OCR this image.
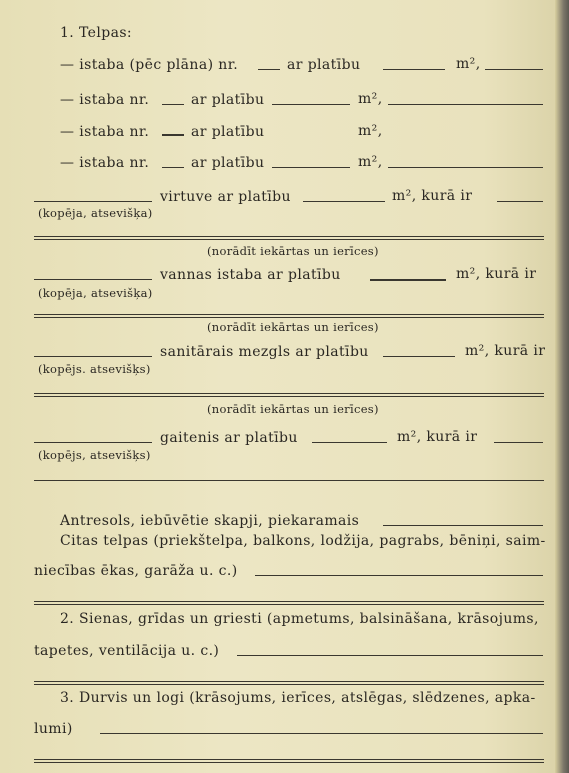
1. Telpas:
— istaba (pēc plāna) nr.	ar platību	m²,
— istaba nr.	ar platību	m²,
— istaba nr.	ar platību	m²,
— istaba nr.	ar platību	m²,
virtuve ar platību	m², kurā ir
(kopēja, atsevišķa)
(norādīt iekārtas un ierīces)
vannas istaba ar platību	m², kurā ir
(kopēja, atsevišķa)
(norādīt iekārtas un ierīces)
sanitārais mezgls ar platību	m², kurā ir
(kopējs. atsevišķs)
(norādīt iekārtas un ierīces)
gaitenis ar platību	m², kurā ir
(kopējs, atsevišķs)
Antresols, iebūvētie skapji, piekaramais
Citas telpas (priekštelpa, balkons, lodžija, pagrabs, bēniņi, saim-
niecības ēkas, garāža u. c.)
2. Sienas, grīdas un griesti (apmetums, balsināšana, krāsojums,
tapetes, ventilācija u. c.)
3. Durvis un logi (krāsojums, ierīces, atslēgas, slēdzenes, apka-
lumi)
